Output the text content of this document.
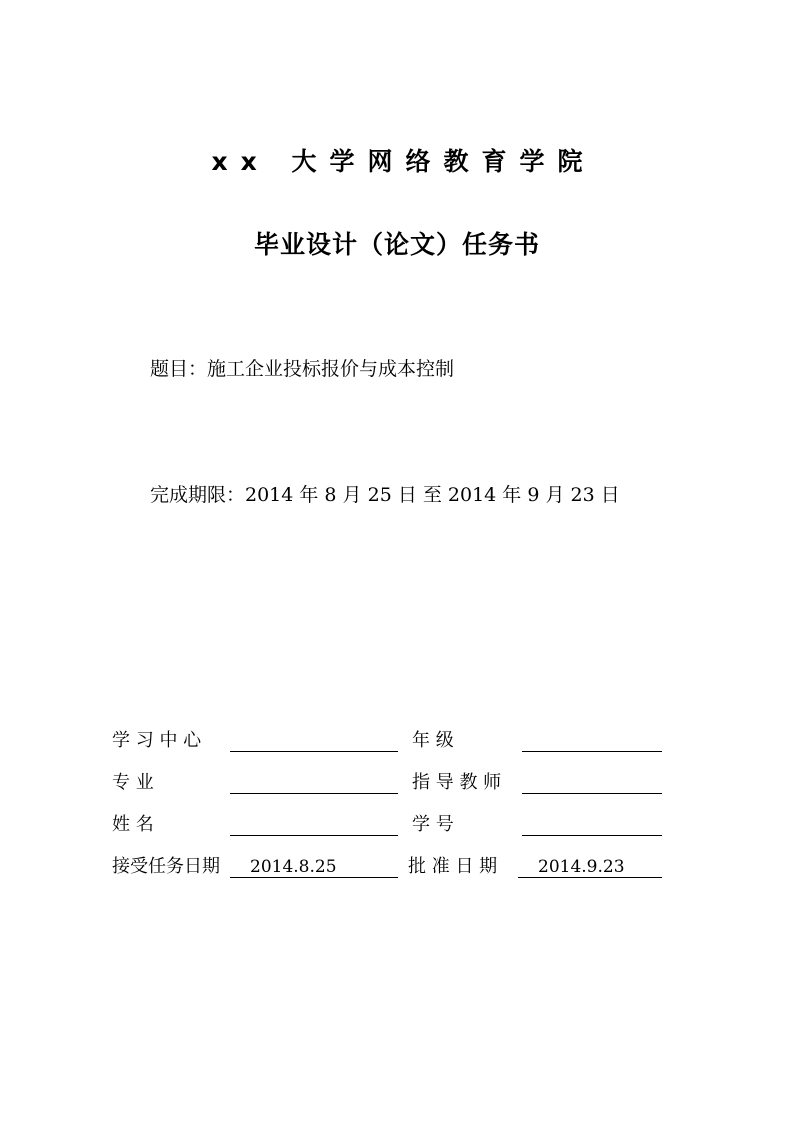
xx 大学网络教育学院
毕业设计（论文）任务书
题目：施工企业投标报价与成本控制
完成期限：2014 年 8 月 25 日 至 2014 年 9 月 23 日
学 习 中 心	年 级
专 业	指 导 教 师
姓 名	学 号
接受任务日期 2014.8.25	批 准 日 期 2014.9.23
